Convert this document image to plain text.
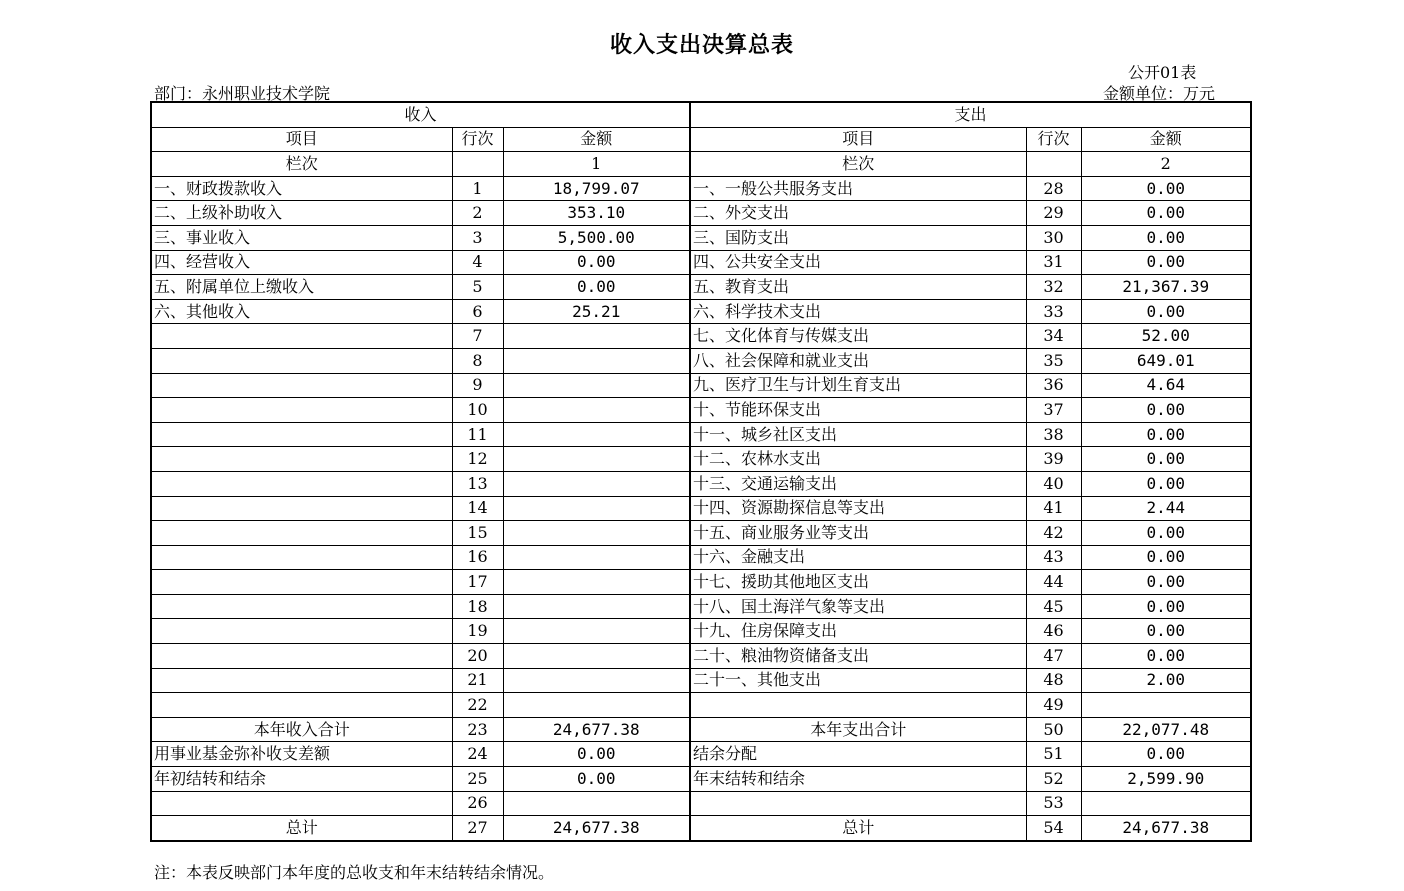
收入支出决算总表
公开01表
部门：永州职业技术学院	金额单位：万元
收入			支出		
项目	行次	金额	项目	行次	金额
栏次		1	栏次		2
一、财政拨款收入	1	18,799.07	一、一般公共服务支出	28	0.00
二、上级补助收入	2	353.10	二、外交支出	29	0.00
三、事业收入	3	5,500.00	三、国防支出	30	0.00
四、经营收入	4	0.00	四、公共安全支出	31	0.00
五、附属单位上缴收入	5	0.00	五、教育支出	32	21,367.39
六、其他收入	6	25.21	六、科学技术支出	33	0.00
	7		七、文化体育与传媒支出	34	52.00
	8		八、社会保障和就业支出	35	649.01
	9		九、医疗卫生与计划生育支出	36	4.64
	10		十、节能环保支出	37	0.00
	11		十一、城乡社区支出	38	0.00
	12		十二、农林水支出	39	0.00
	13		十三、交通运输支出	40	0.00
	14		十四、资源勘探信息等支出	41	2.44
	15		十五、商业服务业等支出	42	0.00
	16		十六、金融支出	43	0.00
	17		十七、援助其他地区支出	44	0.00
	18		十八、国土海洋气象等支出	45	0.00
	19		十九、住房保障支出	46	0.00
	20		二十、粮油物资储备支出	47	0.00
	21		二十一、其他支出	48	2.00
	22			49	
本年收入合计	23	24,677.38	本年支出合计	50	22,077.48
用事业基金弥补收支差额	24	0.00	结余分配	51	0.00
年初结转和结余	25	0.00	年末结转和结余	52	2,599.90
	26			53	
总计	27	24,677.38	总计	54	24,677.38
注：本表反映部门本年度的总收支和年末结转结余情况。
